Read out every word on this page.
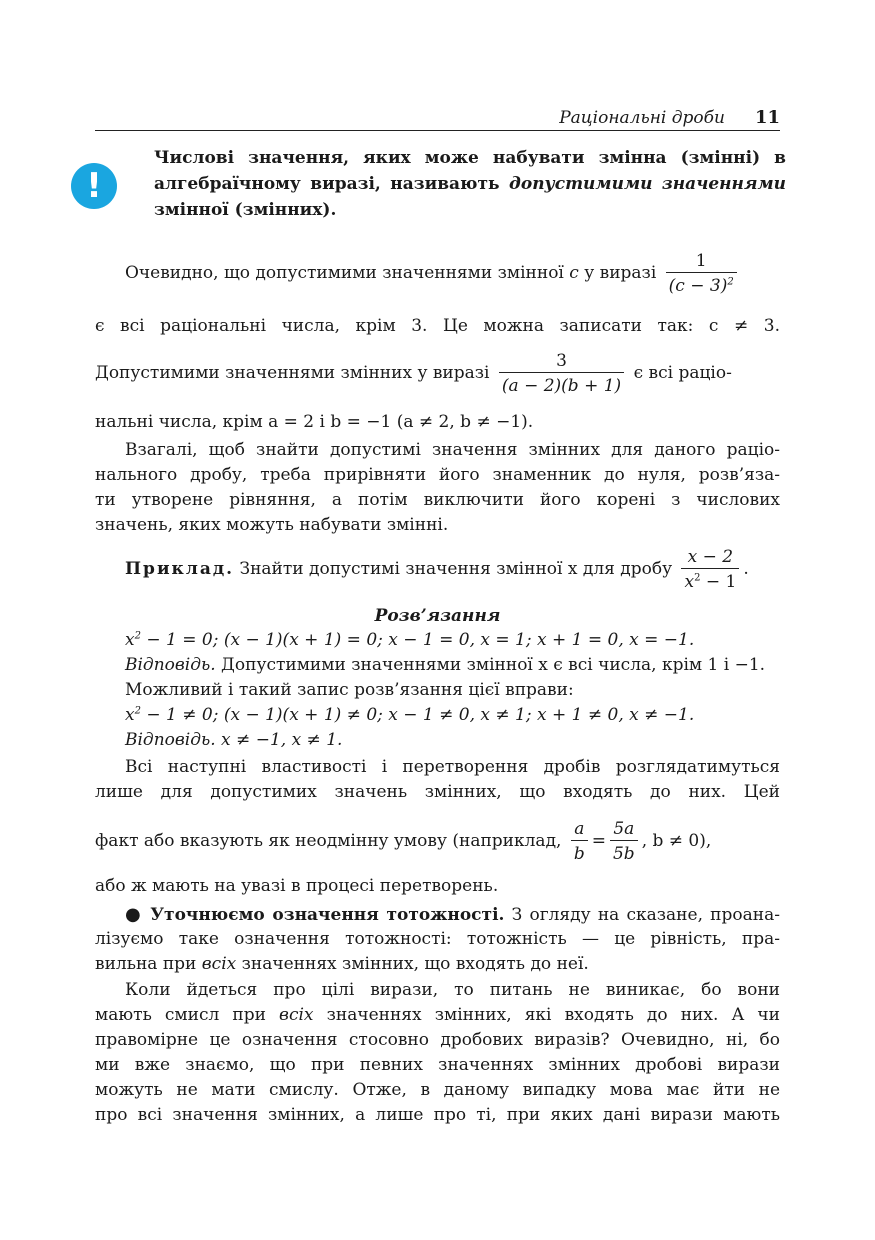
Раціональні дроби 11
!
Числові значення, яких може набувати змінна (змінні) в алгебраїчному виразі, називають допустимими значеннями змінної (змінних).
Очевидно, що допустимими значеннями змінної c у виразі $\frac{1}{(c - 3)^2}$
є всі раціональні числа, крім 3. Це можна записати так: c ≠ 3.
Допустимими значеннями змінних у виразі $\frac{3}{(a - 2)(b + 1)}$ є всі раціо-
нальні числа, крім a = 2 і b = −1 (a ≠ 2, b ≠ −1).
Взагалі, щоб знайти допустимі значення змінних для даного раціо-
нального дробу, треба прирівняти його знаменник до нуля, розв’яза-
ти утворене рівняння, а потім виключити його корені з числових
значень, яких можуть набувати змінні.
Приклад. Знайти допустимі значення змінної x для дробу $\frac{x - 2}{x^2 - 1}$ .
Розв’язання
$x^2 - 1 = 0$; (x − 1)(x + 1) = 0; x − 1 = 0, x = 1; x + 1 = 0, x = −1.
Відповідь. Допустимими значеннями змінної x є всі числа, крім 1 і −1.
Можливий і такий запис розв’язання цієї вправи:
$x^2 - 1 \ne 0$; (x − 1)(x + 1) ≠ 0; x − 1 ≠ 0, x ≠ 1; x + 1 ≠ 0, x ≠ −1.
Відповідь. x ≠ −1, x ≠ 1.
Всі наступні властивості і перетворення дробів розглядатимуться
лише для допустимих значень змінних, що входять до них. Цей
факт або вказують як неодмінну умову (наприклад, $\frac{a}{b} = \frac{5a}{5b}$ , b ≠ 0),
або ж мають на увазі в процесі перетворень.
● Уточнюємо означення тотожності. З огляду на сказане, проана-
лізуємо таке означення тотожності: тотожність — це рівність, пра-
вильна при всіх значеннях змінних, що входять до неї.
Коли йдеться про цілі вирази, то питань не виникає, бо вони
мають смисл при всіх значеннях змінних, які входять до них. А чи
правомірне це означення стосовно дробових виразів? Очевидно, ні, бо
ми вже знаємо, що при певних значеннях змінних дробові вирази
можуть не мати смислу. Отже, в даному випадку мова має йти не
про всі значення змінних, а лише про ті, при яких дані вирази мають
